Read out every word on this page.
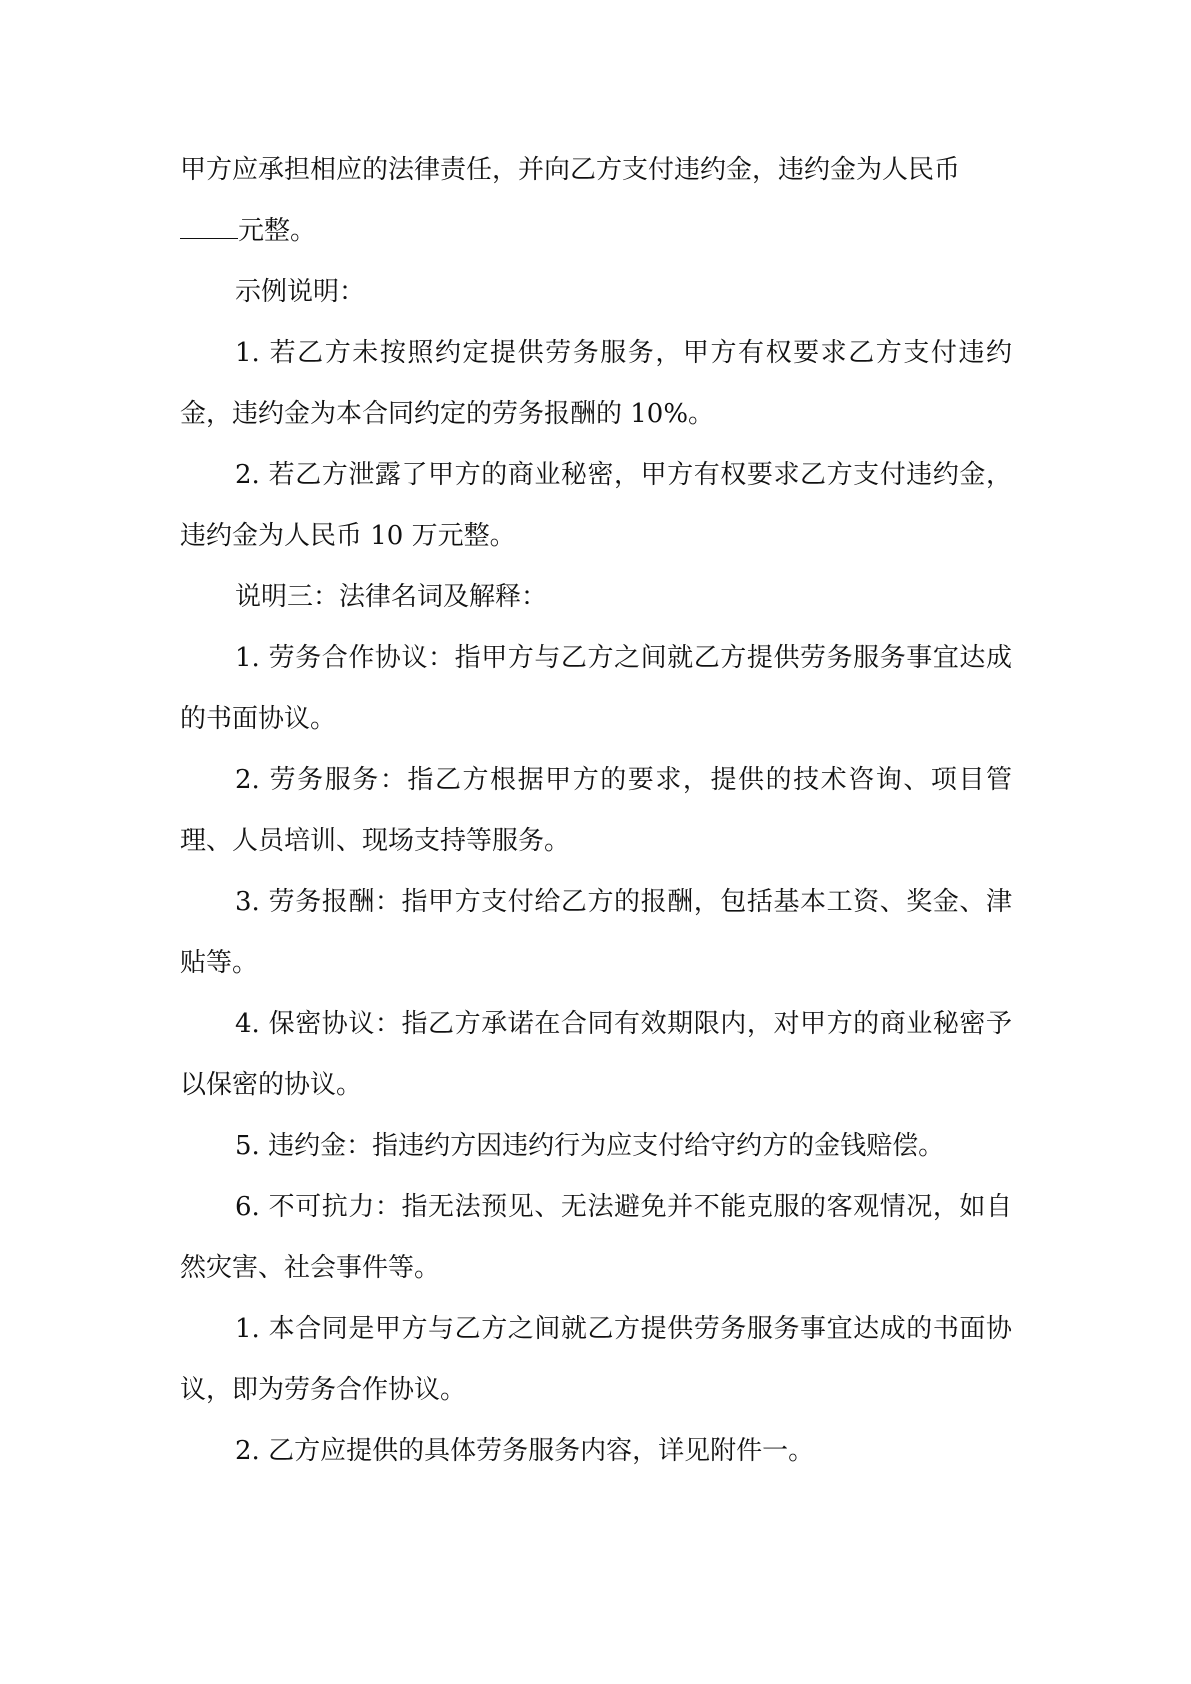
甲方应承担相应的法律责任，并向乙方支付违约金，违约金为人民币
元整。

示例说明：

1. 若乙方未按照约定提供劳务服务，甲方有权要求乙方支付违约金，违约金为本合同约定的劳务报酬的 10%。

2. 若乙方泄露了甲方的商业秘密，甲方有权要求乙方支付违约金，违约金为人民币 10 万元整。

说明三：法律名词及解释：

1. 劳务合作协议：指甲方与乙方之间就乙方提供劳务服务事宜达成的书面协议。

2. 劳务服务：指乙方根据甲方的要求，提供的技术咨询、项目管理、人员培训、现场支持等服务。

3. 劳务报酬：指甲方支付给乙方的报酬，包括基本工资、奖金、津贴等。

4. 保密协议：指乙方承诺在合同有效期限内，对甲方的商业秘密予以保密的协议。

5. 违约金：指违约方因违约行为应支付给守约方的金钱赔偿。

6. 不可抗力：指无法预见、无法避免并不能克服的客观情况，如自然灾害、社会事件等。

1. 本合同是甲方与乙方之间就乙方提供劳务服务事宜达成的书面协议，即为劳务合作协议。

2. 乙方应提供的具体劳务服务内容，详见附件一。
